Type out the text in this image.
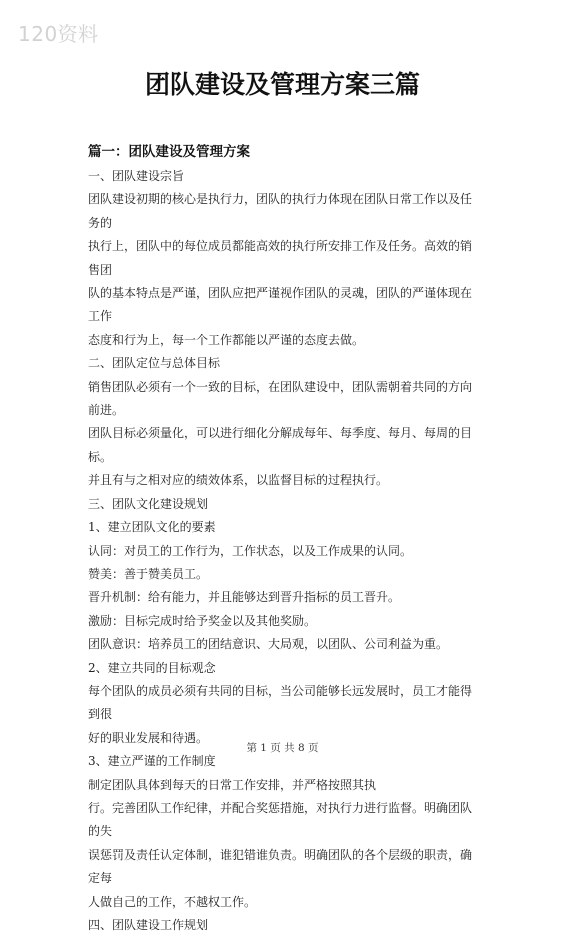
120资料
团队建设及管理方案三篇
篇一：团队建设及管理方案

一、团队建设宗旨

团队建设初期的核心是执行力，团队的执行力体现在团队日常工作以及任务的

执行上，团队中的每位成员都能高效的执行所安排工作及任务。高效的销售团

队的基本特点是严谨，团队应把严谨视作团队的灵魂，团队的严谨体现在工作

态度和行为上，每一个工作都能以严谨的态度去做。

二、团队定位与总体目标

销售团队必须有一个一致的目标，在团队建设中，团队需朝着共同的方向前进。

团队目标必须量化，可以进行细化分解成每年、每季度、每月、每周的目标。

并且有与之相对应的绩效体系，以监督目标的过程执行。

三、团队文化建设规划

1、建立团队文化的要素

认同：对员工的工作行为，工作状态，以及工作成果的认同。

赞美：善于赞美员工。

晋升机制：给有能力，并且能够达到晋升指标的员工晋升。

激励：目标完成时给予奖金以及其他奖励。

团队意识：培养员工的团结意识、大局观，以团队、公司利益为重。

2、建立共同的目标观念

每个团队的成员必须有共同的目标，当公司能够长远发展时，员工才能得到很

好的职业发展和待遇。

3、建立严谨的工作制度

制定团队具体到每天的日常工作安排，并严格按照其执

行。完善团队工作纪律，并配合奖惩措施，对执行力进行监督。明确团队的失

误惩罚及责任认定体制，谁犯错谁负责。明确团队的各个层级的职责，确定每

人做自己的工作，不越权工作。

四、团队建设工作规划

第 1 页 共 8 页
